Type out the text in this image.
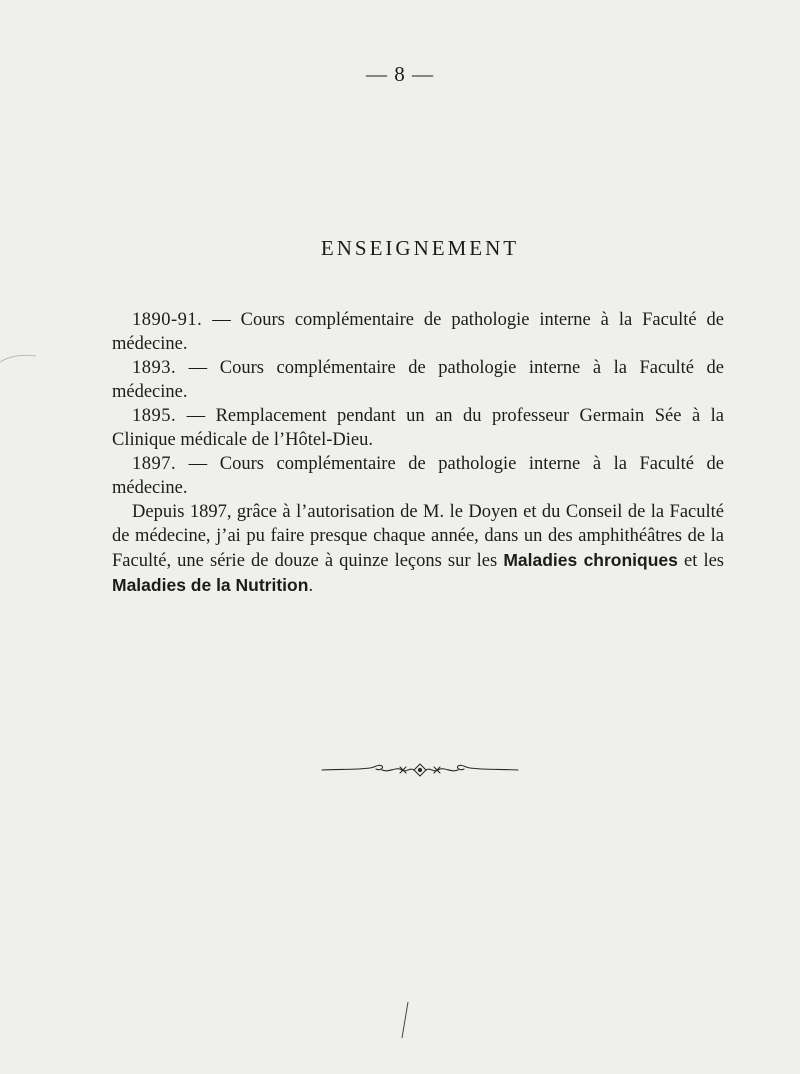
— 8 —
ENSEIGNEMENT

1890-91. — Cours complémentaire de pathologie interne à la Faculté de médecine.

1893. — Cours complémentaire de pathologie interne à la Faculté de médecine.

1895. — Remplacement pendant un an du professeur Germain Sée à la Clinique médicale de l’Hôtel-Dieu.

1897. — Cours complémentaire de pathologie interne à la Faculté de médecine.

Depuis 1897, grâce à l’autorisation de M. le Doyen et du Conseil de la Faculté de médecine, j’ai pu faire presque chaque année, dans un des amphithéâtres de la Faculté, une série de douze à quinze leçons sur les Maladies chroniques et les Maladies de la Nutrition.
